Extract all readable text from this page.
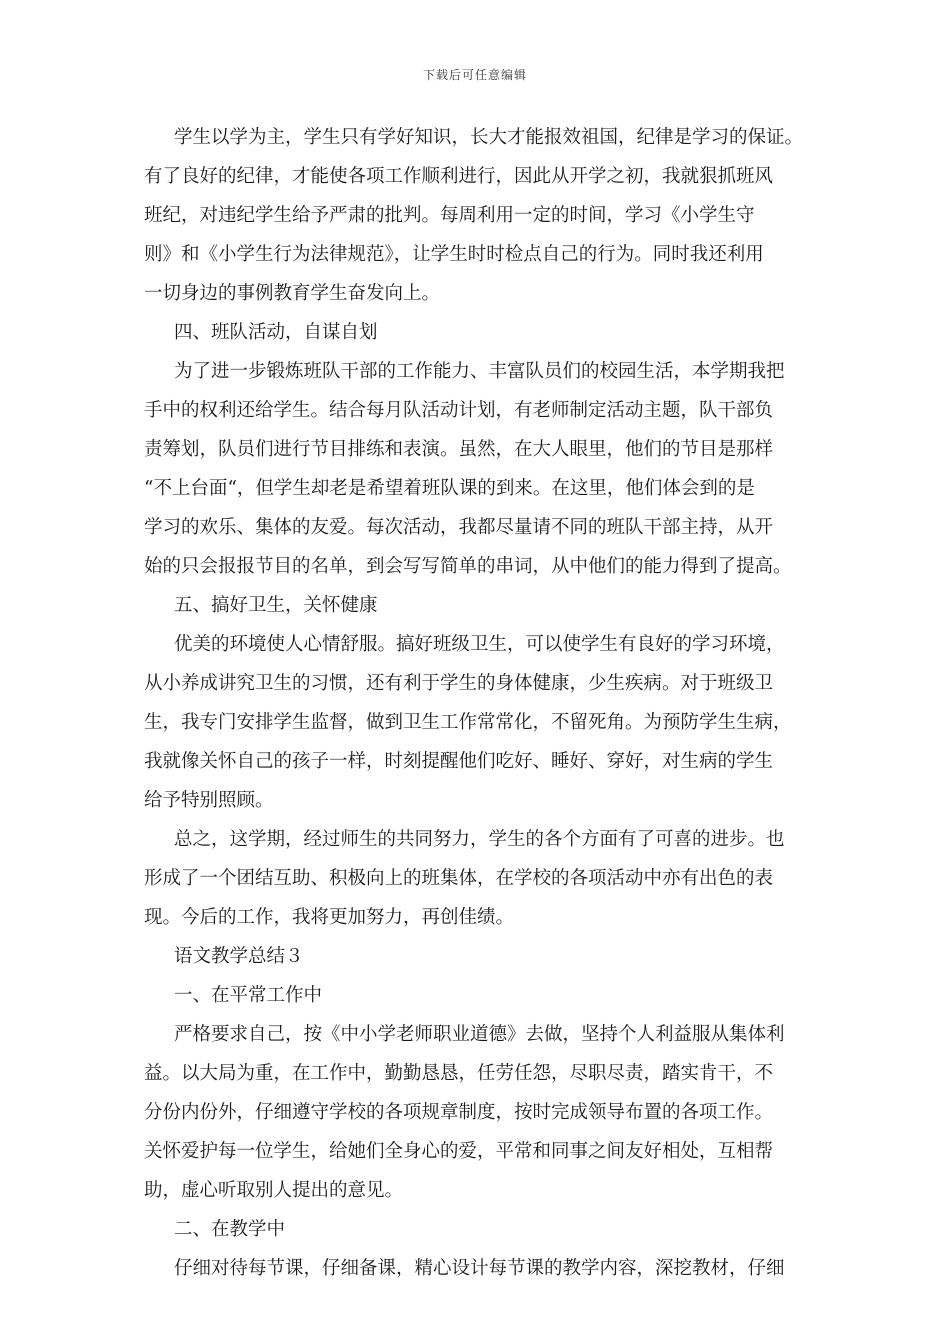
下载后可任意编辑
学生以学为主，学生只有学好知识，长大才能报效祖国，纪律是学习的保证。
有了良好的纪律，才能使各项工作顺利进行，因此从开学之初，我就狠抓班风
班纪，对违纪学生给予严肃的批判。每周利用一定的时间，学习《小学生守
则》和《小学生行为法律规范》，让学生时时检点自己的行为。同时我还利用
一切身边的事例教育学生奋发向上。
四、班队活动，自谋自划
为了进一步锻炼班队干部的工作能力、丰富队员们的校园生活，本学期我把
手中的权利还给学生。结合每月队活动计划，有老师制定活动主题，队干部负
责筹划，队员们进行节目排练和表演。虽然，在大人眼里，他们的节目是那样
“不上台面“，但学生却老是希望着班队课的到来。在这里，他们体会到的是
学习的欢乐、集体的友爱。每次活动，我都尽量请不同的班队干部主持，从开
始的只会报报节目的名单，到会写写简单的串词，从中他们的能力得到了提高。
五、搞好卫生，关怀健康
优美的环境使人心情舒服。搞好班级卫生，可以使学生有良好的学习环境，
从小养成讲究卫生的习惯，还有利于学生的身体健康，少生疾病。对于班级卫
生，我专门安排学生监督，做到卫生工作常常化，不留死角。为预防学生生病，
我就像关怀自己的孩子一样，时刻提醒他们吃好、睡好、穿好，对生病的学生
给予特别照顾。
总之，这学期，经过师生的共同努力，学生的各个方面有了可喜的进步。也
形成了一个团结互助、积极向上的班集体，在学校的各项活动中亦有出色的表
现。今后的工作，我将更加努力，再创佳绩。
语文教学总结３
一、在平常工作中
严格要求自己，按《中小学老师职业道德》去做，坚持个人利益服从集体利
益。以大局为重，在工作中，勤勤恳恳，任劳任怨，尽职尽责，踏实肯干，不
分份内份外，仔细遵守学校的各项规章制度，按时完成领导布置的各项工作。
关怀爱护每一位学生，给她们全身心的爱，平常和同事之间友好相处，互相帮
助，虚心听取别人提出的意见。
二、在教学中
仔细对待每节课，仔细备课，精心设计每节课的教学内容，深挖教材，仔细
